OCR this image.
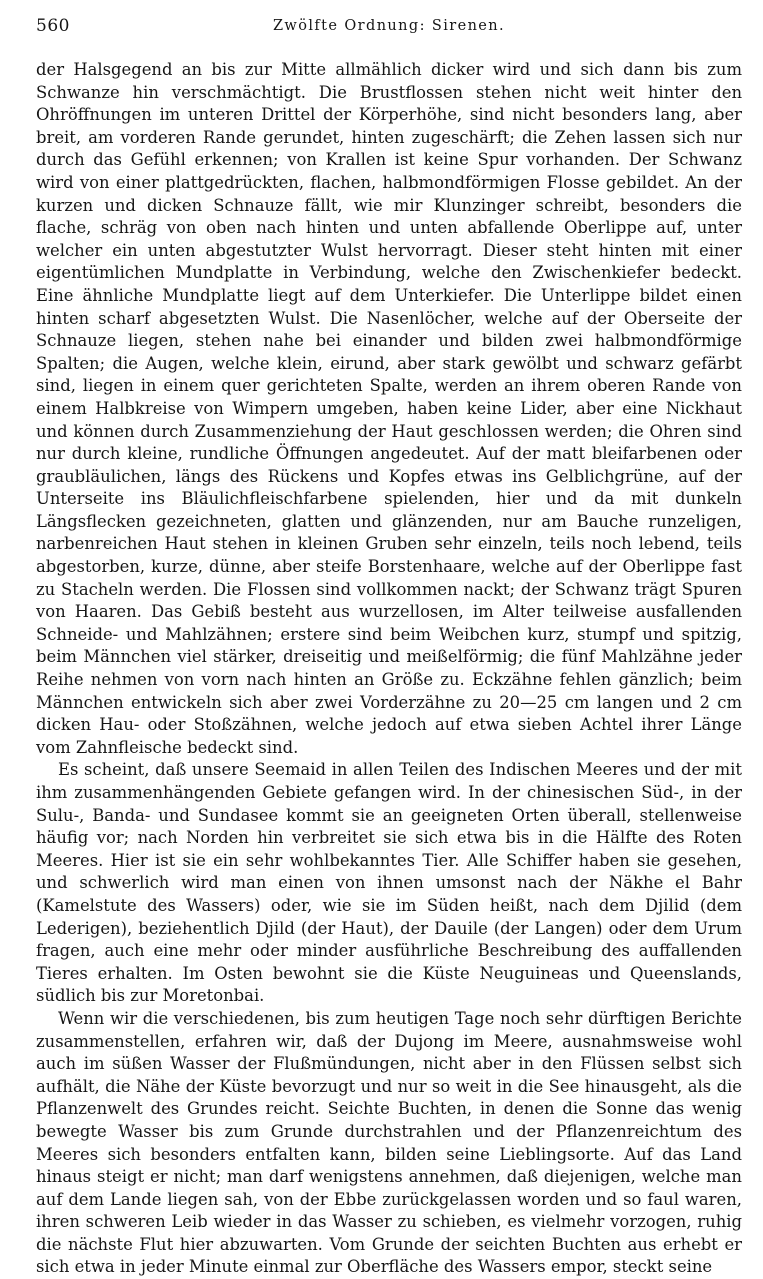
560	Zwölfte Ordnung: Sirenen.

der Halsgegend an bis zur Mitte allmählich dicker wird und sich dann bis zum Schwanze hin verschmächtigt. Die Brustflossen stehen nicht weit hinter den Ohröffnungen im unteren Drittel der Körperhöhe, sind nicht besonders lang, aber breit, am vorderen Rande gerundet, hinten zugeschärft; die Zehen lassen sich nur durch das Gefühl erkennen; von Krallen ist keine Spur vorhanden. Der Schwanz wird von einer plattgedrückten, flachen, halbmondförmigen Flosse gebildet. An der kurzen und dicken Schnauze fällt, wie mir Klunzinger schreibt, besonders die flache, schräg von oben nach hinten und unten abfallende Oberlippe auf, unter welcher ein unten abgestutzter Wulst hervorragt. Dieser steht hinten mit einer eigentümlichen Mundplatte in Verbindung, welche den Zwischenkiefer bedeckt. Eine ähnliche Mundplatte liegt auf dem Unterkiefer. Die Unterlippe bildet einen hinten scharf abgesetzten Wulst. Die Nasenlöcher, welche auf der Oberseite der Schnauze liegen, stehen nahe bei einander und bilden zwei halbmondförmige Spalten; die Augen, welche klein, eirund, aber stark gewölbt und schwarz gefärbt sind, liegen in einem quer gerichteten Spalte, werden an ihrem oberen Rande von einem Halbkreise von Wimpern umgeben, haben keine Lider, aber eine Nickhaut und können durch Zusammenziehung der Haut geschlossen werden; die Ohren sind nur durch kleine, rundliche Öffnungen angedeutet. Auf der matt bleifarbenen oder graubläulichen, längs des Rückens und Kopfes etwas ins Gelblichgrüne, auf der Unterseite ins Bläulichfleischfarbene spielenden, hier und da mit dunkeln Längsflecken gezeichneten, glatten und glänzenden, nur am Bauche runzeligen, narbenreichen Haut stehen in kleinen Gruben sehr einzeln, teils noch lebend, teils abgestorben, kurze, dünne, aber steife Borstenhaare, welche auf der Oberlippe fast zu Stacheln werden. Die Flossen sind vollkommen nackt; der Schwanz trägt Spuren von Haaren. Das Gebiß besteht aus wurzellosen, im Alter teilweise ausfallenden Schneide- und Mahlzähnen; erstere sind beim Weibchen kurz, stumpf und spitzig, beim Männchen viel stärker, dreiseitig und meißelförmig; die fünf Mahlzähne jeder Reihe nehmen von vorn nach hinten an Größe zu. Eckzähne fehlen gänzlich; beim Männchen entwickeln sich aber zwei Vorderzähne zu 20—25 cm langen und 2 cm dicken Hau- oder Stoßzähnen, welche jedoch auf etwa sieben Achtel ihrer Länge vom Zahnfleische bedeckt sind.

Es scheint, daß unsere Seemaid in allen Teilen des Indischen Meeres und der mit ihm zusammenhängenden Gebiete gefangen wird. In der chinesischen Süd-, in der Sulu-, Banda- und Sundasee kommt sie an geeigneten Orten überall, stellenweise häufig vor; nach Norden hin verbreitet sie sich etwa bis in die Hälfte des Roten Meeres. Hier ist sie ein sehr wohlbekanntes Tier. Alle Schiffer haben sie gesehen, und schwerlich wird man einen von ihnen umsonst nach der Näkhe el Bahr (Kamelstute des Wassers) oder, wie sie im Süden heißt, nach dem Djilid (dem Lederigen), beziehentlich Djild (der Haut), der Dauile (der Langen) oder dem Urum fragen, auch eine mehr oder minder ausführliche Beschreibung des auffallenden Tieres erhalten. Im Osten bewohnt sie die Küste Neuguineas und Queenslands, südlich bis zur Moretonbai.

Wenn wir die verschiedenen, bis zum heutigen Tage noch sehr dürftigen Berichte zusammenstellen, erfahren wir, daß der Dujong im Meere, ausnahmsweise wohl auch im süßen Wasser der Flußmündungen, nicht aber in den Flüssen selbst sich aufhält, die Nähe der Küste bevorzugt und nur so weit in die See hinausgeht, als die Pflanzenwelt des Grundes reicht. Seichte Buchten, in denen die Sonne das wenig bewegte Wasser bis zum Grunde durchstrahlen und der Pflanzenreichtum des Meeres sich besonders entfalten kann, bilden seine Lieblingsorte. Auf das Land hinaus steigt er nicht; man darf wenigstens annehmen, daß diejenigen, welche man auf dem Lande liegen sah, von der Ebbe zurückgelassen worden und so faul waren, ihren schweren Leib wieder in das Wasser zu schieben, es vielmehr vorzogen, ruhig die nächste Flut hier abzuwarten. Vom Grunde der seichten Buchten aus erhebt er sich etwa in jeder Minute einmal zur Oberfläche des Wassers empor, steckt seine
